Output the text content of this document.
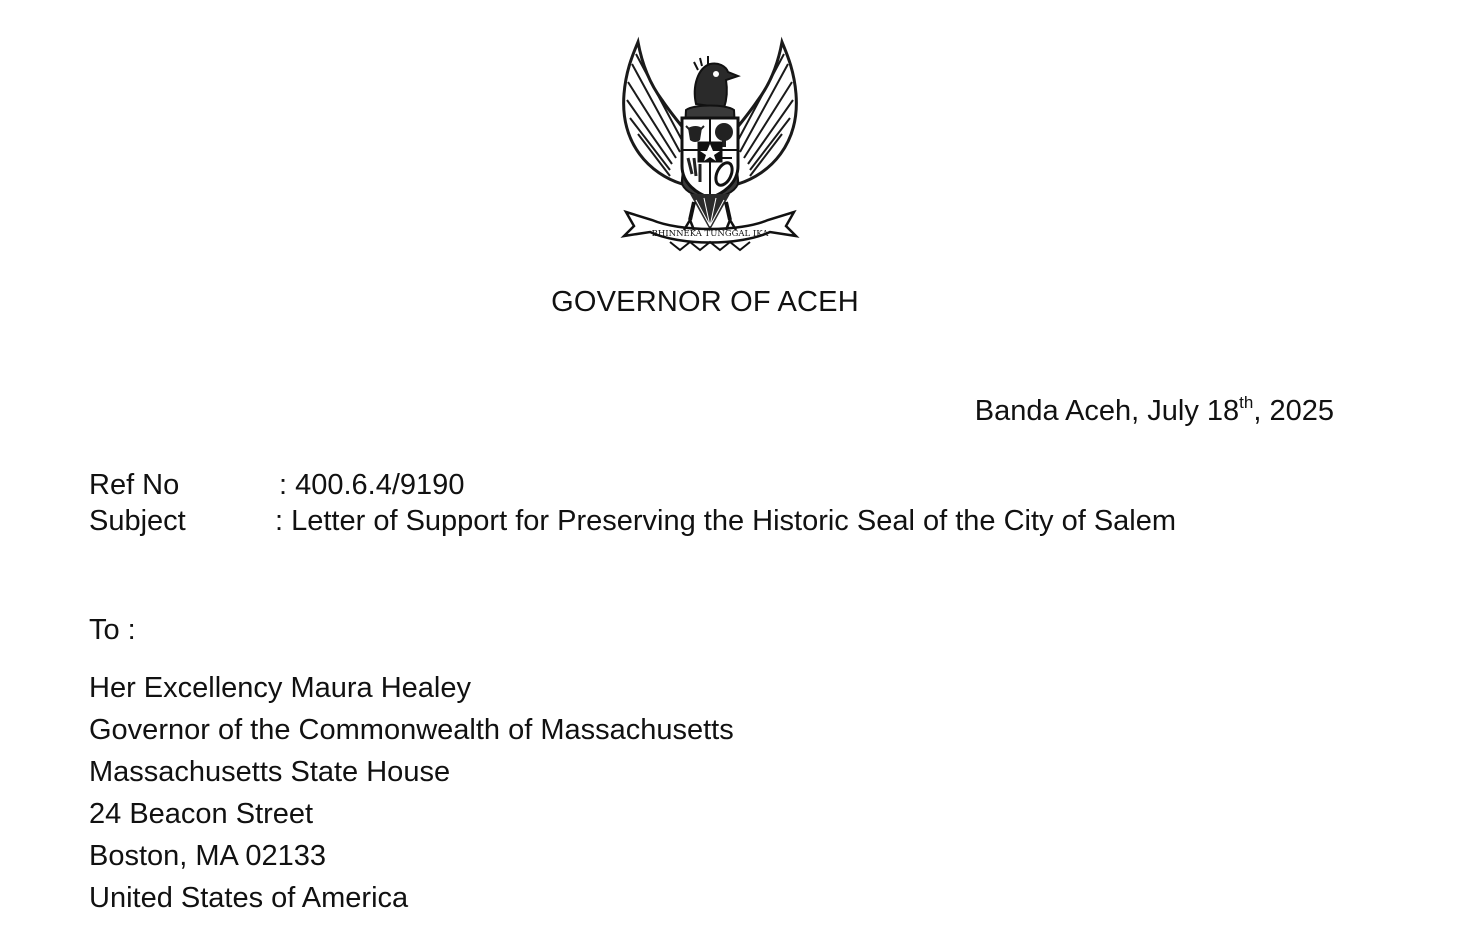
BHINNEKA TUNGGAL IKA
GOVERNOR OF ACEH
Banda Aceh, July 18th, 2025
Ref No	: 400.6.4/9190
Subject	: Letter of Support for Preserving the Historic Seal of the City of Salem
To :
Her Excellency Maura Healey
Governor of the Commonwealth of Massachusetts
Massachusetts State House
24 Beacon Street
Boston, MA 02133
United States of America
